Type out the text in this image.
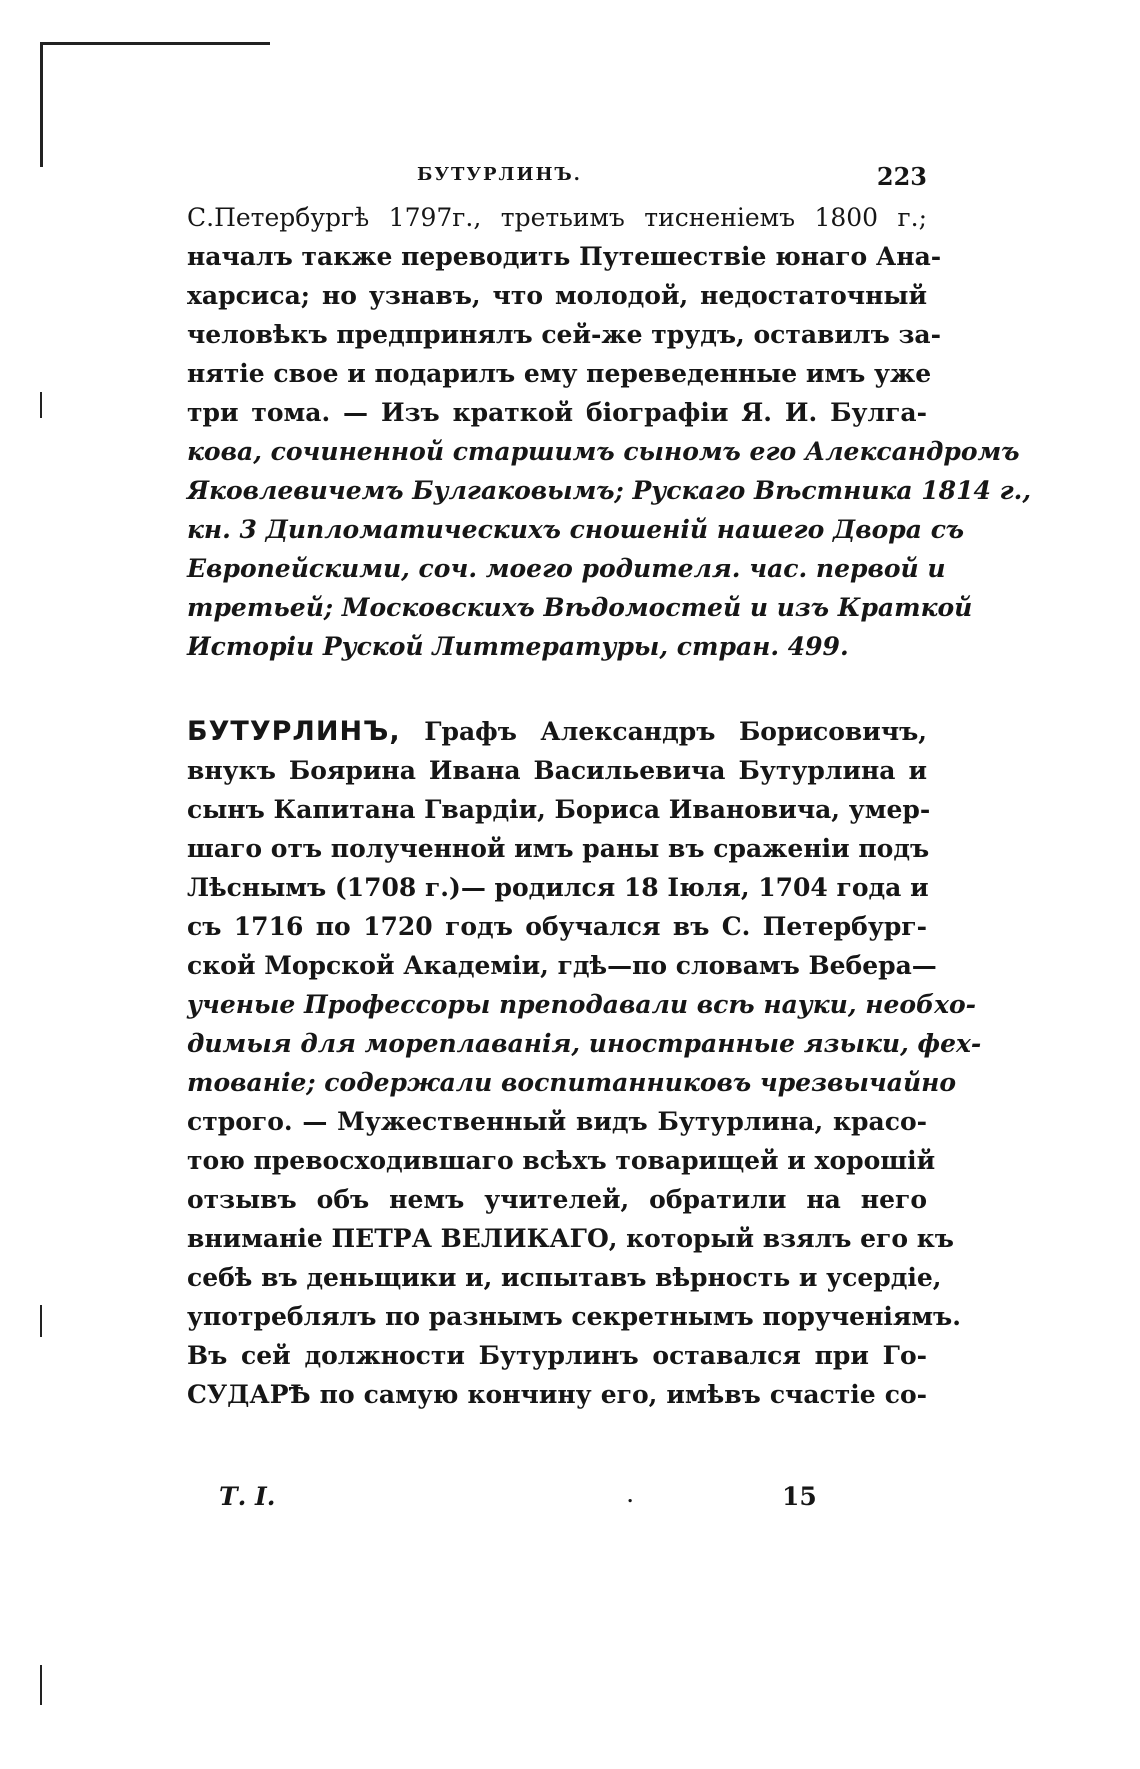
БУТУРЛИНЪ.	223
С.Петербургѣ 1797г., третьимъ тисненіемъ 1800 г.;
началъ также переводить Путешествіе юнаго Ана-
харсиса; но узнавъ, что молодой, недостаточный
человѣкъ предпринялъ сей-же трудъ, оставилъ за-
нятіе свое и подарилъ ему переведенные имъ уже
три тома. — Изъ краткой біографіи Я. И. Булга-
кова, сочиненной старшимъ сыномъ его Александромъ
Яковлевичемъ Булгаковымъ; Рускаго Вѣстника 1814 г.,
кн. 3 Дипломатическихъ сношеній нашего Двора съ
Европейскими, соч. моего родителя. час. первой и
третьей; Московскихъ Вѣдомостей и изъ Краткой
Исторіи Руской Литтературы, стран. 499.
БУТУРЛИНЪ, Графъ Александръ Борисовичъ,
внукъ Боярина Ивана Васильевича Бутурлина и
сынъ Капитана Гвардіи, Бориса Ивановича, умер-
шаго отъ полученной имъ раны въ сраженіи подъ
Лѣснымъ (1708 г.)— родился 18 Іюля, 1704 года и
съ 1716 по 1720 годъ обучался въ С. Петербург-
ской Морской Академіи, гдѣ—по словамъ Вебера—
ученые Профессоры преподавали всѣ науки, необхо-
димыя для мореплаванія, иностранные языки, фех-
тованіе; содержали воспитанниковъ чрезвычайно
строго. — Мужественный видъ Бутурлина, красо-
тою превосходившаго всѣхъ товарищей и хорошій
отзывъ объ немъ учителей, обратили на него
вниманіе ПЕТРА ВЕЛИКАГО, который взялъ его къ
себѣ въ деньщики и, испытавъ вѣрность и усердіе,
употреблялъ по разнымъ секретнымъ порученіямъ.
Въ сей должности Бутурлинъ оставался при Го-
СУДАРѢ по самую кончину его, имѣвъ счастіе со-
Т. I.	.	15
